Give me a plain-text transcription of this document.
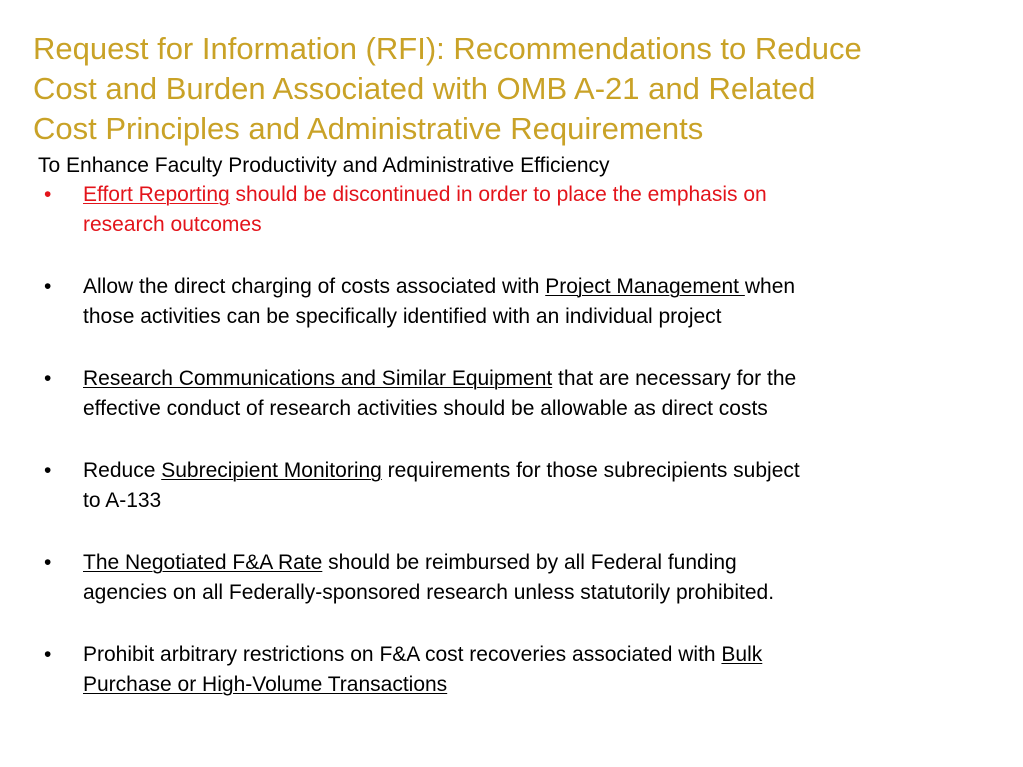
Request for Information (RFI): Recommendations to Reduce
Cost and Burden Associated with OMB A-21 and Related
Cost Principles and Administrative Requirements

To Enhance Faculty Productivity and Administrative Efficiency

• Effort Reporting should be discontinued in order to place the emphasis on
research outcomes
• Allow the direct charging of costs associated with Project Management when
those activities can be specifically identified with an individual project
• Research Communications and Similar Equipment that are necessary for the
effective conduct of research activities should be allowable as direct costs
• Reduce Subrecipient Monitoring requirements for those subrecipients subject
to A-133
• The Negotiated F&A Rate should be reimbursed by all Federal funding
agencies on all Federally-sponsored research unless statutorily prohibited.
• Prohibit arbitrary restrictions on F&A cost recoveries associated with Bulk
Purchase or High-Volume Transactions
